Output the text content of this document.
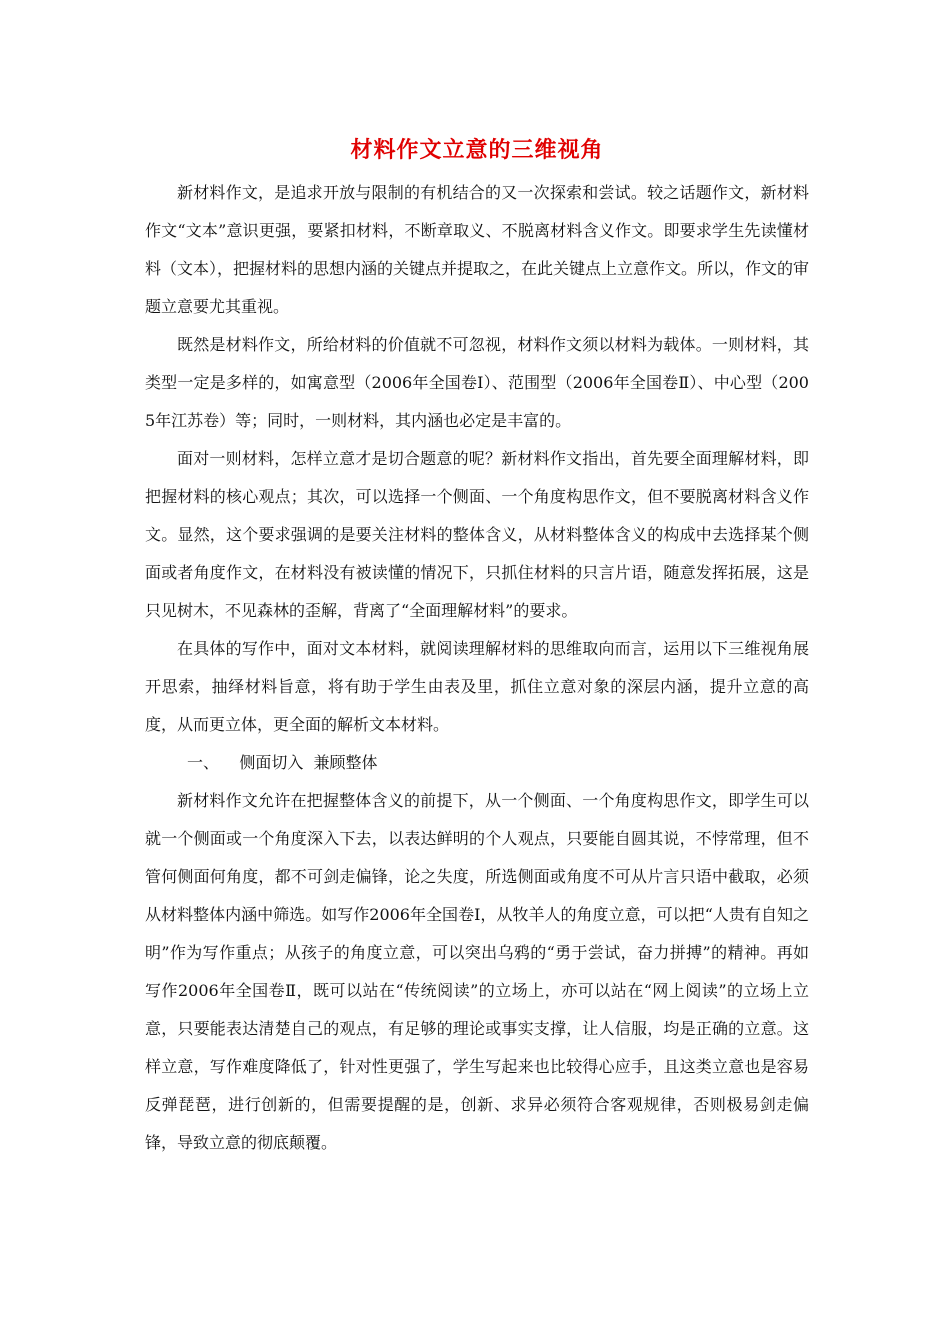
材料作文立意的三维视角

新材料作文，是追求开放与限制的有机结合的又一次探索和尝试。较之话题作文，新材料作文“文本”意识更强，要紧扣材料，不断章取义、不脱离材料含义作文。即要求学生先读懂材料（文本），把握材料的思想内涵的关键点并提取之，在此关键点上立意作文。所以，作文的审题立意要尤其重视。

既然是材料作文，所给材料的价值就不可忽视，材料作文须以材料为载体。一则材料，其类型一定是多样的，如寓意型（2006年全国卷Ⅰ）、范围型（2006年全国卷Ⅱ）、中心型（2005年江苏卷）等；同时，一则材料，其内涵也必定是丰富的。

面对一则材料，怎样立意才是切合题意的呢？新材料作文指出，首先要全面理解材料，即把握材料的核心观点；其次，可以选择一个侧面、一个角度构思作文，但不要脱离材料含义作文。显然，这个要求强调的是要关注材料的整体含义，从材料整体含义的构成中去选择某个侧面或者角度作文，在材料没有被读懂的情况下，只抓住材料的只言片语，随意发挥拓展，这是只见树木，不见森林的歪解，背离了“全面理解材料”的要求。

在具体的写作中，面对文本材料，就阅读理解材料的思维取向而言，运用以下三维视角展开思索，抽绎材料旨意，将有助于学生由表及里，抓住立意对象的深层内涵，提升立意的高度，从而更立体，更全面的解析文本材料。

一、    侧面切入  兼顾整体

新材料作文允许在把握整体含义的前提下，从一个侧面、一个角度构思作文，即学生可以就一个侧面或一个角度深入下去，以表达鲜明的个人观点，只要能自圆其说，不悖常理，但不管何侧面何角度，都不可剑走偏锋，论之失度，所选侧面或角度不可从片言只语中截取，必须从材料整体内涵中筛选。如写作2006年全国卷Ⅰ，从牧羊人的角度立意，可以把“人贵有自知之明”作为写作重点；从孩子的角度立意，可以突出乌鸦的“勇于尝试，奋力拼搏”的精神。再如写作2006年全国卷Ⅱ，既可以站在“传统阅读”的立场上，亦可以站在“网上阅读”的立场上立意，只要能表达清楚自己的观点，有足够的理论或事实支撑，让人信服，均是正确的立意。这样立意，写作难度降低了，针对性更强了，学生写起来也比较得心应手，且这类立意也是容易反弹琵琶，进行创新的，但需要提醒的是，创新、求异必须符合客观规律，否则极易剑走偏锋，导致立意的彻底颠覆。
